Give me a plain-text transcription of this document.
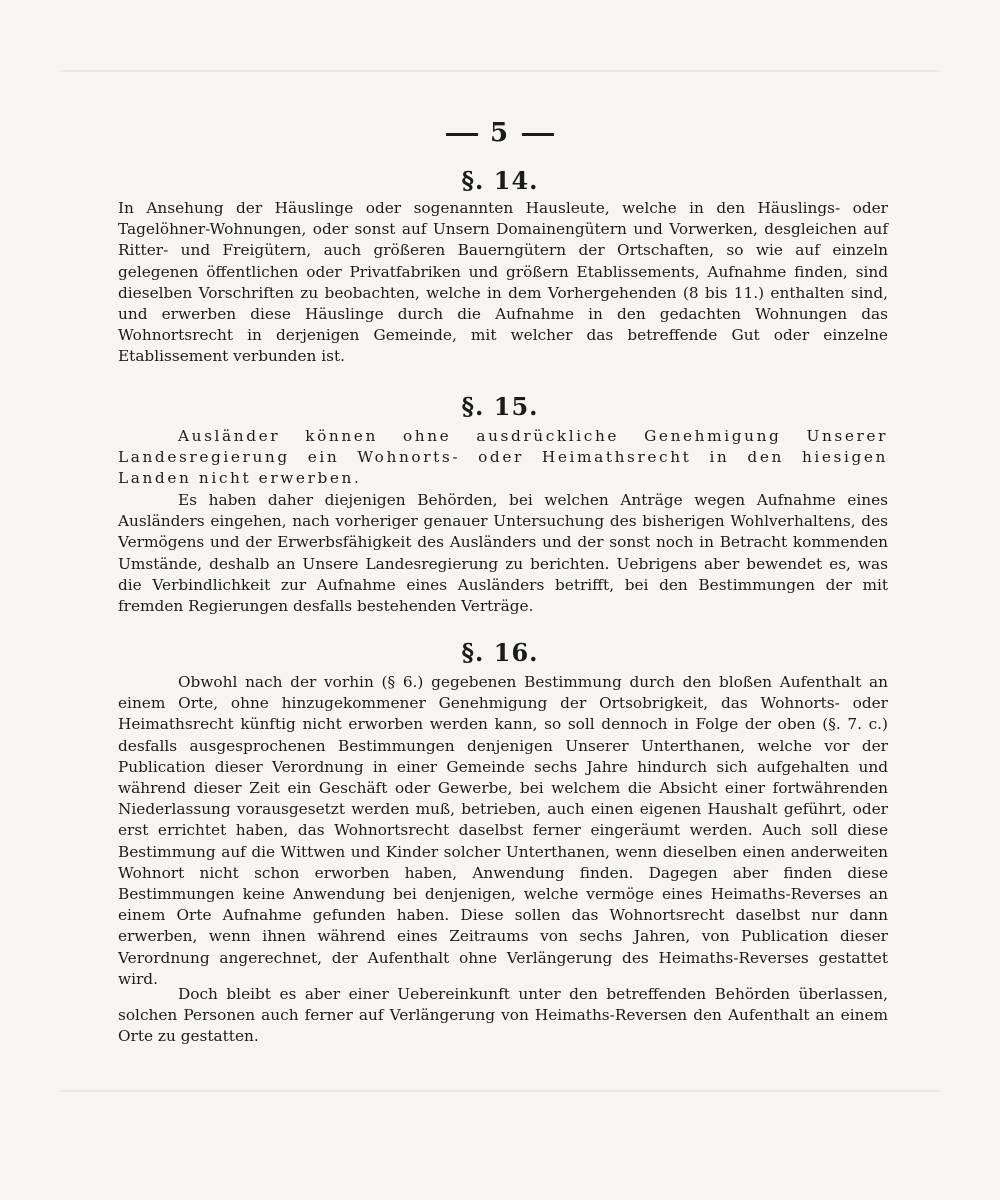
5
§. 14.
In Ansehung der Häuslinge oder sogenannten Hausleute, welche in den Häuslings- oder Tagelöhner-Wohnungen, oder sonst auf Unsern Domainengütern und Vorwerken, desgleichen auf Ritter- und Freigütern, auch größeren Bauerngütern der Ortschaften, so wie auf einzeln gelegenen öffentlichen oder Privatfabriken und größern Etablissements, Aufnahme finden, sind dieselben Vorschriften zu beobachten, welche in dem Vorhergehenden (8 bis 11.) enthalten sind, und erwerben diese Häuslinge durch die Aufnahme in den gedachten Wohnungen das Wohnortsrecht in derjenigen Gemeinde, mit welcher das betreffende Gut oder einzelne Etablissement verbunden ist.
§. 15.
Ausländer können ohne ausdrückliche Genehmigung Unserer Landesregierung ein Wohnorts- oder Heimathsrecht in den hiesigen Landen nicht erwerben.
Es haben daher diejenigen Behörden, bei welchen Anträge wegen Aufnahme eines Ausländers eingehen, nach vorheriger genauer Untersuchung des bisherigen Wohlverhaltens, des Vermögens und der Erwerbsfähigkeit des Ausländers und der sonst noch in Betracht kommenden Umstände, deshalb an Unsere Landesregierung zu berichten. Uebrigens aber bewendet es, was die Verbindlichkeit zur Aufnahme eines Ausländers betrifft, bei den Bestimmungen der mit fremden Regierungen desfalls bestehenden Verträge.
§. 16.
Obwohl nach der vorhin (§ 6.) gegebenen Bestimmung durch den bloßen Aufenthalt an einem Orte, ohne hinzugekommener Genehmigung der Ortsobrigkeit, das Wohnorts- oder Heimathsrecht künftig nicht erworben werden kann, so soll dennoch in Folge der oben (§. 7. c.) desfalls ausgesprochenen Bestimmungen denjenigen Unserer Unterthanen, welche vor der Publication dieser Verordnung in einer Gemeinde sechs Jahre hindurch sich aufgehalten und während dieser Zeit ein Geschäft oder Gewerbe, bei welchem die Absicht einer fortwährenden Niederlassung vorausgesetzt werden muß, betrieben, auch einen eigenen Haushalt geführt, oder erst errichtet haben, das Wohnortsrecht daselbst ferner eingeräumt werden. Auch soll diese Bestimmung auf die Wittwen und Kinder solcher Unterthanen, wenn dieselben einen anderweiten Wohnort nicht schon erworben haben, Anwendung finden. Dagegen aber finden diese Bestimmungen keine Anwendung bei denjenigen, welche vermöge eines Heimaths-Reverses an einem Orte Aufnahme gefunden haben. Diese sollen das Wohnortsrecht daselbst nur dann erwerben, wenn ihnen während eines Zeitraums von sechs Jahren, von Publication dieser Verordnung angerechnet, der Aufenthalt ohne Verlängerung des Heimaths-Reverses gestattet wird.
Doch bleibt es aber einer Uebereinkunft unter den betreffenden Behörden überlassen, solchen Personen auch ferner auf Verlängerung von Heimaths-Reversen den Aufenthalt an einem Orte zu gestatten.
